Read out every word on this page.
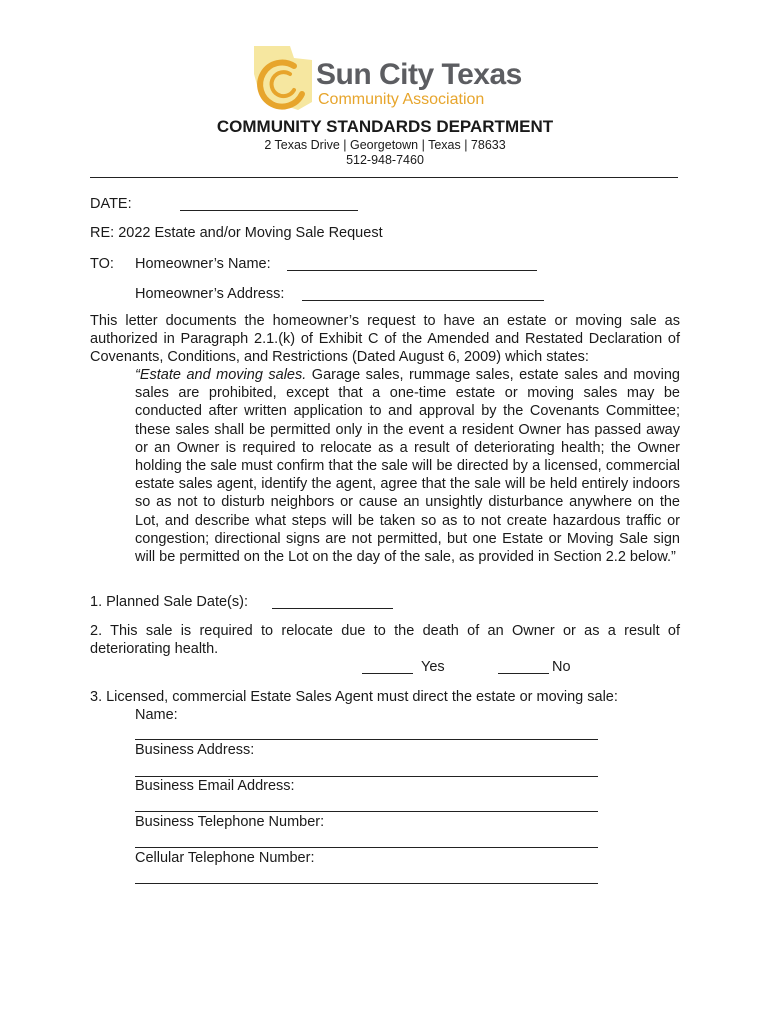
Sun City Texas
Community Association
COMMUNITY STANDARDS DEPARTMENT
2 Texas Drive | Georgetown | Texas | 78633
512-948-7460
DATE:
RE: 2022 Estate and/or Moving Sale Request
TO: Homeowner’s Name:
Homeowner’s Address:
This letter documents the homeowner’s request to have an estate or moving sale as authorized in Paragraph 2.1.(k) of Exhibit C of the Amended and Restated Declaration of Covenants, Conditions, and Restrictions (Dated August 6, 2009) which states:
“Estate and moving sales. Garage sales, rummage sales, estate sales and moving sales are prohibited, except that a one-time estate or moving sales may be conducted after written application to and approval by the Covenants Committee; these sales shall be permitted only in the event a resident Owner has passed away or an Owner is required to relocate as a result of deteriorating health; the Owner holding the sale must confirm that the sale will be directed by a licensed, commercial estate sales agent, identify the agent, agree that the sale will be held entirely indoors so as not to disturb neighbors or cause an unsightly disturbance anywhere on the Lot, and describe what steps will be taken so as to not create hazardous traffic or congestion; directional signs are not permitted, but one Estate or Moving Sale sign will be permitted on the Lot on the day of the sale, as provided in Section 2.2 below.”
1. Planned Sale Date(s):
2. This sale is required to relocate due to the death of an Owner or as a result of deteriorating health.
Yes	No
3. Licensed, commercial Estate Sales Agent must direct the estate or moving sale:
Name:
Business Address:
Business Email Address:
Business Telephone Number:
Cellular Telephone Number:
